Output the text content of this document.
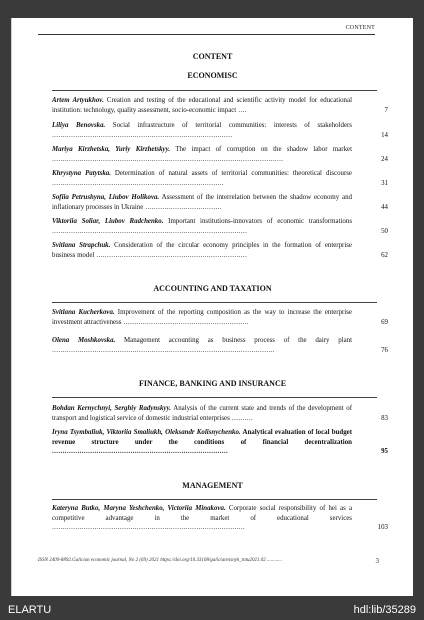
CONTENT
CONTENT
ECONOMISC
Artem Artyukhov. Creation and testing of the educational and scientific activity model for educational institution: technology, quality assessment, socio-economic impact ....	7
Liliya Benovska. Social infrastructure of territorial communities: interests of stakeholders .....................................................................................	14
Mariya Kirzhetska, Yuriy Kirzhetskyy. The impact of corruption on the shadow labor market .............................................................................................................	24
Khrystyna Patytska. Determination of natural assets of territorial communities: theoretical discourse .................................................................................	31
Sofiia Petrushyna, Liubov Holikova. Assessment of the interrelation between the shadow economy and inflationary processes in Ukraine ....................................	44
Viktoriia Soliar, Liubov Radchenko. Important institutions-innovators of economic transformations ............................................................................................	50
Svitlana Strapchuk. Consideration of the circular economy principles in the formation of enterprise business model .......................................................................	62
ACCOUNTING AND TAXATION
Svitlana Kucherkova. Improvement of the reporting composition as the way to increase the enterprise investment attractiveness ...........................................................	69
Olena Moshkovska. Management accounting as business process of the dairy plant .........................................................................................................	76
FINANCE, BANKING AND INSURANCE
Bohdan Kernychnyi, Serghiy Radynskyy. Analysis of the current state and trends of the development of transport and logistical service of domestic industrial enterprises ..........	83
Iryna Tsymbaliuk, Viktoriia Smaliukh, Oleksandr Kolisnychenko. Analytical evaluation of local budget revenue structure under the conditions of financial decentralization ...................................................................................	95
MANAGEMENT
Kateryna Butko, Maryna Yeshchenko, Victoriia Minakova. Corporate social responsibility of hei as a competitive advantage in the market of educational services ...........................................................................................	103
ISSN 2409-8892.Galician economic journal, No 2 (69) 2021 https://doi.org/10.33108/galicianvisnyk_tntu2021.02 ............	3
ELARTU	hdl:lib/35289
